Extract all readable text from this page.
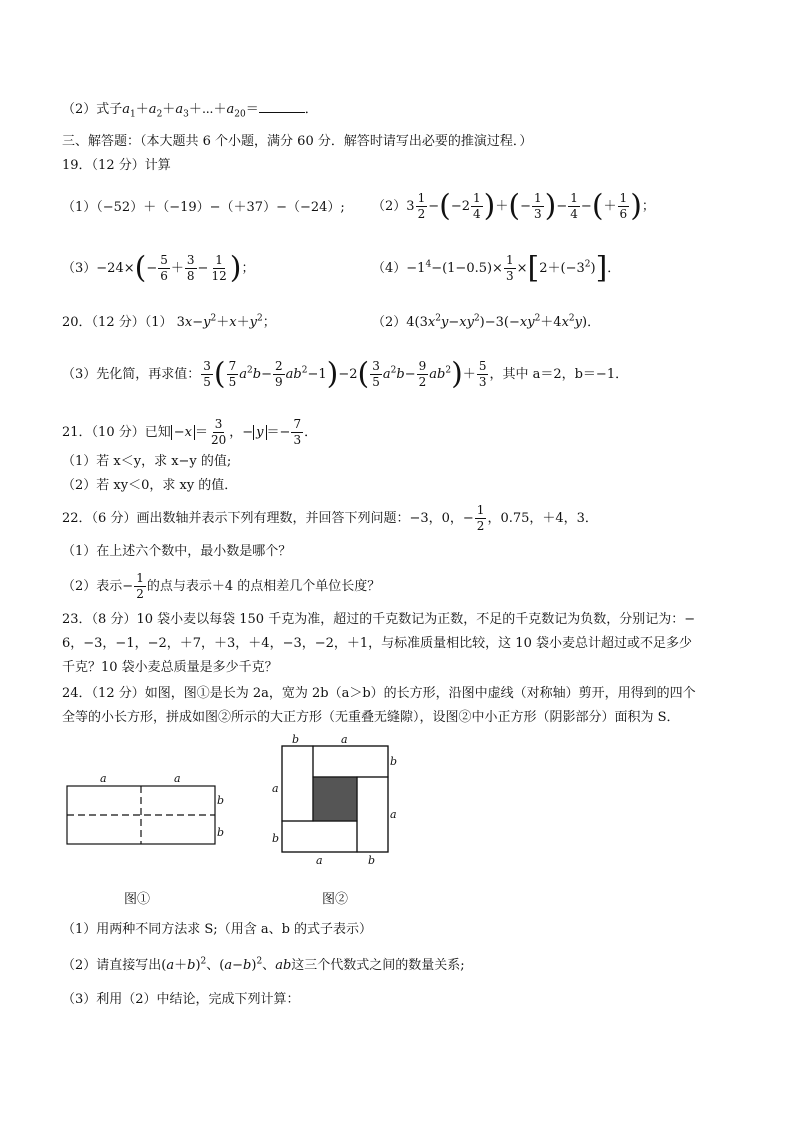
（2）式子$a_1+a_2+a_3+\cdots+a_{20}=$	．
三、解答题：（本大题共 6 个小题，满分 60 分．解答时请写出必要的推演过程．）
19．（12 分）计算
（1）（−52）＋（−19）−（＋37）−（−24）; $(2)3 \frac{1}{2} -(-2 \frac{1}{4}$ )＋(− $\frac{1}{3}$ )− $\frac{1}{4}$ −(＋ $\frac{1}{6}$ )；
$(3)-24\times(- \frac{5}{6} + \frac{3}{8} - \frac{1}{12}$ )；	$(4)-1^4-(1-0.5)\times \frac{1}{3} \times[2+(-3^2)]$．
20．（12 分）（1） $3x-y^2+x+y^2$；	$(2)4(3x^2y-xy^2)-3(-xy^2+4x^2y)$．
（3）先化简，再求值： $\frac{3}{5}$ ( $\frac{7}{5} a^2b- \frac{2}{9} ab^2-1)-2( \frac{3}{5} a^2b- \frac{9}{2} ab^2)+ \frac{5}{3}$ ，其中 a＝2，b＝−1．
21．（10 分）已知 $-x = \frac{3}{20}$ ，− $y =- \frac{7}{3}$ ．
（1）若 x＜y，求 x−y 的值;
（2）若 xy＜0，求 xy 的值．
22．（6 分）画出数轴并表示下列有理数，并回答下列问题：−3，0，− $\frac{1}{2}$ ，0.75，＋4，3．
（1）在上述六个数中，最小数是哪个？
（2）表示− $\frac{1}{2}$ 的点与表示＋4 的点相差几个单位长度？
23．（8 分）10 袋小麦以每袋 150 千克为准，超过的千克数记为正数，不足的千克数记为负数，分别记为：−
6，−3，−1，−2，＋7，＋3，＋4，−3，−2，＋1，与标准质量相比较，这 10 袋小麦总计超过或不足多少
千克？10 袋小麦总质量是多少千克？
24．（12 分）如图，图①是长为 2a，宽为 2b（a＞b）的长方形，沿图中虚线（对称轴）剪开，用得到的四个
全等的小长方形，拼成如图②所示的大正方形（无重叠无缝隙），设图②中小正方形（阴影部分）面积为 S．
a	a
b
b
图①
b	a
b
a
a
b
a	b
图②
（1）用两种不同方法求 S;（用含 a、b 的式子表示）
（2）请直接写出$(a+b)^2$、$(a-b)^2$、ab这三个代数式之间的数量关系;
（3）利用（2）中结论，完成下列计算：
